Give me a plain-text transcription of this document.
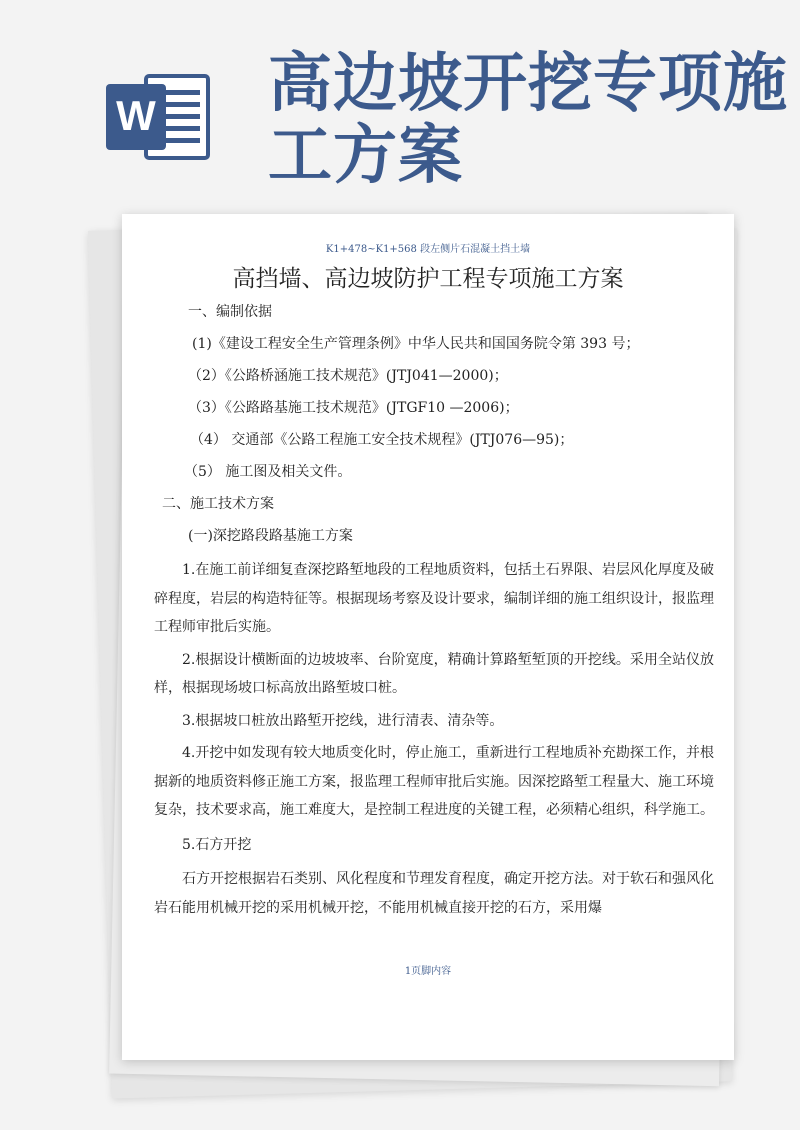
W 高边坡开挖专项施工方案
K1+478~K1+568 段左侧片石混凝土挡土墙
高挡墙、高边坡防护工程专项施工方案
一、编制依据
(1)《建设工程安全生产管理条例》中华人民共和国国务院令第 393 号；
（2）《公路桥涵施工技术规范》(JTJ041—2000)；
（3）《公路路基施工技术规范》(JTGF10 —2006)；
（4） 交通部《公路工程施工安全技术规程》(JTJ076—95)；
（5） 施工图及相关文件。
二、施工技术方案
(一)深挖路段路基施工方案

1.在施工前详细复查深挖路堑地段的工程地质资料，包括土石界限、岩层风化厚度及破碎程度，岩层的构造特征等。根据现场考察及设计要求，编制详细的施工组织设计，报监理工程师审批后实施。

2.根据设计横断面的边坡坡率、台阶宽度，精确计算路堑堑顶的开挖线。采用全站仪放样，根据现场坡口标高放出路堑坡口桩。

3.根据坡口桩放出路堑开挖线，进行清表、清杂等。

4.开挖中如发现有较大地质变化时，停止施工，重新进行工程地质补充勘探工作，并根据新的地质资料修正施工方案，报监理工程师审批后实施。因深挖路堑工程量大、施工环境复杂，技术要求高，施工难度大，是控制工程进度的关键工程，必须精心组织，科学施工。

5.石方开挖

石方开挖根据岩石类别、风化程度和节理发育程度，确定开挖方法。对于软石和强风化岩石能用机械开挖的采用机械开挖，不能用机械直接开挖的石方，采用爆

1页脚内容
